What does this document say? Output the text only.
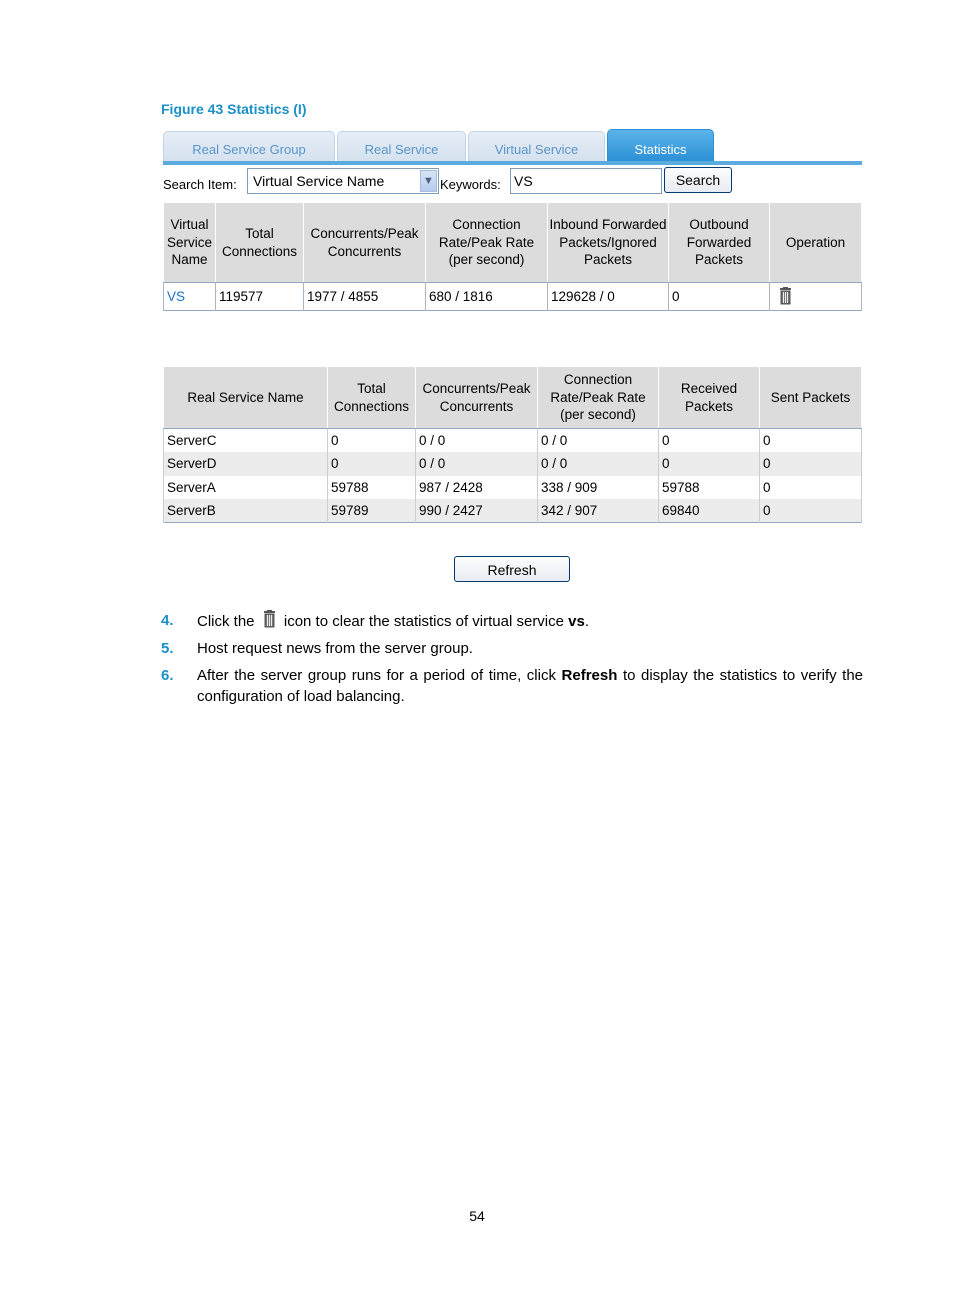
Figure 43 Statistics (I)
Real Service Group	Real Service	Virtual Service	Statistics
Search Item: Virtual Service Name	▼ Keywords: VS	Search
Virtual Service Name	Total Connections	Concurrents/Peak Concurrents	Connection Rate/Peak Rate (per second)	Inbound Forwarded Packets/Ignored Packets	Outbound Forwarded Packets	Operation
VS	119577	1977 / 4855	680 / 1816	129628 / 0	0	
Real Service Name	Total Connections	Concurrents/Peak Concurrents	Connection Rate/Peak Rate (per second)	Received Packets	Sent Packets
ServerC	0	0 / 0	0 / 0	0	0
ServerD	0	0 / 0	0 / 0	0	0
ServerA	59788	987 / 2428	338 / 909	59788	0
ServerB	59789	990 / 2427	342 / 907	69840	0
Refresh
4. Click the icon to clear the statistics of virtual service vs.
5. Host request news from the server group.
6. After the server group runs for a period of time, click Refresh to display the statistics to verify the configuration of load balancing.
54
